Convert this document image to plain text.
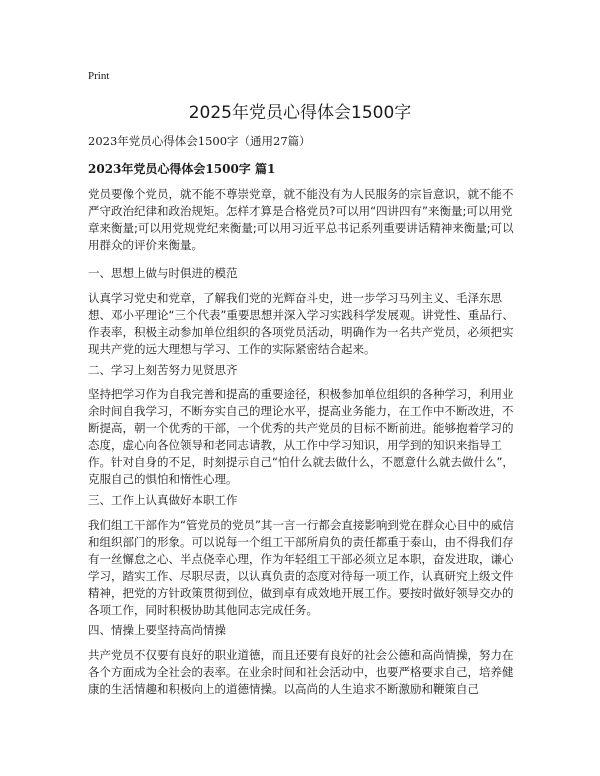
Print
2025年党员心得体会1500字
2023年党员心得体会1500字（通用27篇）
2023年党员心得体会1500字 篇1

党员要像个党员，就不能不尊崇党章，就不能没有为人民服务的宗旨意识，就不能不严守政治纪律和政治规矩。怎样才算是合格党员?可以用“四讲四有”来衡量;可以用党章来衡量;可以用党规党纪来衡量;可以用习近平总书记系列重要讲话精神来衡量;可以用群众的评价来衡量。

一、思想上做与时俱进的模范

认真学习党史和党章，了解我们党的光辉奋斗史，进一步学习马列主义、毛泽东思想、邓小平理论“三个代表”重要思想并深入学习实践科学发展观。讲党性、重品行、作表率，积极主动参加单位组织的各项党员活动，明确作为一名共产党员，必须把实现共产党的远大理想与学习、工作的实际紧密结合起来。

二、学习上刻苦努力见贤思齐

坚持把学习作为自我完善和提高的重要途径，积极参加单位组织的各种学习，利用业余时间自我学习，不断夯实自己的理论水平，提高业务能力，在工作中不断改进，不断提高，朝一个优秀的干部，一个优秀的共产党员的目标不断前进。能够抱着学习的态度，虚心向各位领导和老同志请教，从工作中学习知识，用学到的知识来指导工作。针对自身的不足，时刻提示自己“怕什么就去做什么，不愿意什么就去做什么”，克服自己的惧怕和惰性心理。

三、工作上认真做好本职工作

我们组工干部作为“管党员的党员”其一言一行都会直接影响到党在群众心目中的威信和组织部门的形象。可以说每一个组工干部所肩负的责任都重于泰山，由不得我们存有一丝懈怠之心、半点侥幸心理，作为年轻组工干部必须立足本职，奋发进取，谦心学习，踏实工作、尽职尽责，以认真负责的态度对待每一项工作，认真研究上级文件精神，把党的方针政策贯彻到位，做到卓有成效地开展工作。要按时做好领导交办的各项工作，同时积极协助其他同志完成任务。

四、情操上要坚持高尚情操

共产党员不仅要有良好的职业道德，而且还要有良好的社会公德和高尚情操，努力在各个方面成为全社会的表率。在业余时间和社会活动中，也要严格要求自己，培养健康的生活情趣和积极向上的道德情操。以高尚的人生追求不断激励和鞭策自己
